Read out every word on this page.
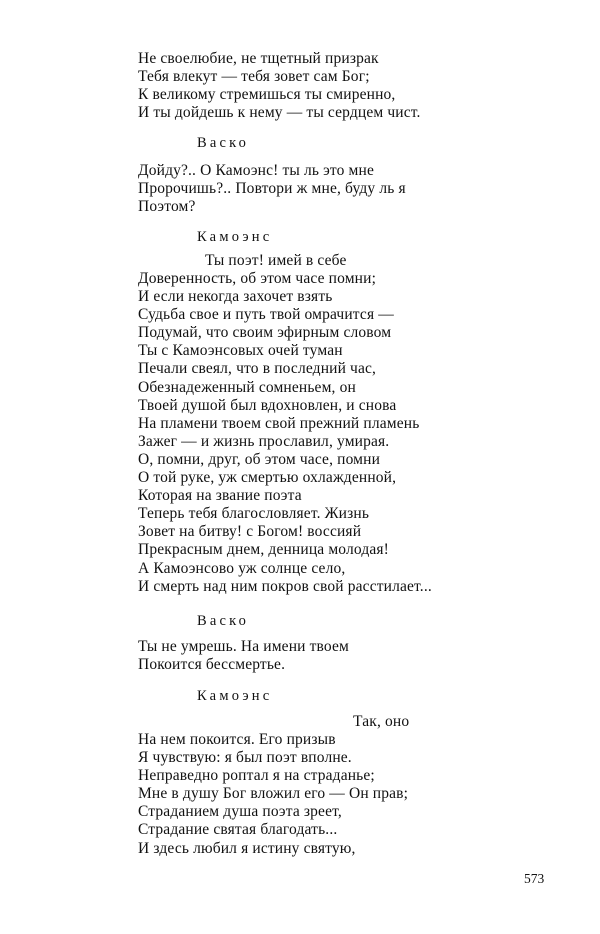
Не своелюбие, не тщетный призрак
Тебя влекут — тебя зовет сам Бог;
К великому стремишься ты смиренно,
И ты дойдешь к нему — ты сердцем чист.
Васко
Дойду?.. О Камоэнс! ты ль это мне
Пророчишь?.. Повтори ж мне, буду ль я
Поэтом?
Камоэнс
Ты поэт! имей в себе
Доверенность, об этом часе помни;
И если некогда захочет взять
Судьба свое и путь твой омрачится —
Подумай, что своим эфирным словом
Ты с Камоэнсовых очей туман
Печали свеял, что в последний час,
Обезнадеженный сомненьем, он
Твоей душой был вдохновлен, и снова
На пламени твоем свой прежний пламень
Зажег — и жизнь прославил, умирая.
О, помни, друг, об этом часе, помни
О той руке, уж смертью охлажденной,
Которая на звание поэта
Теперь тебя благословляет. Жизнь
Зовет на битву! с Богом! воссияй
Прекрасным днем, денница молодая!
А Камоэнсово уж солнце село,
И смерть над ним покров свой расстилает...
Васко
Ты не умрешь. На имени твоем
Покоится бессмертье.
Камоэнс
Так, оно
На нем покоится. Его призыв
Я чувствую: я был поэт вполне.
Неправедно роптал я на страданье;
Мне в душу Бог вложил его — Он прав;
Страданием душа поэта зреет,
Страдание святая благодать...
И здесь любил я истину святую,
573
